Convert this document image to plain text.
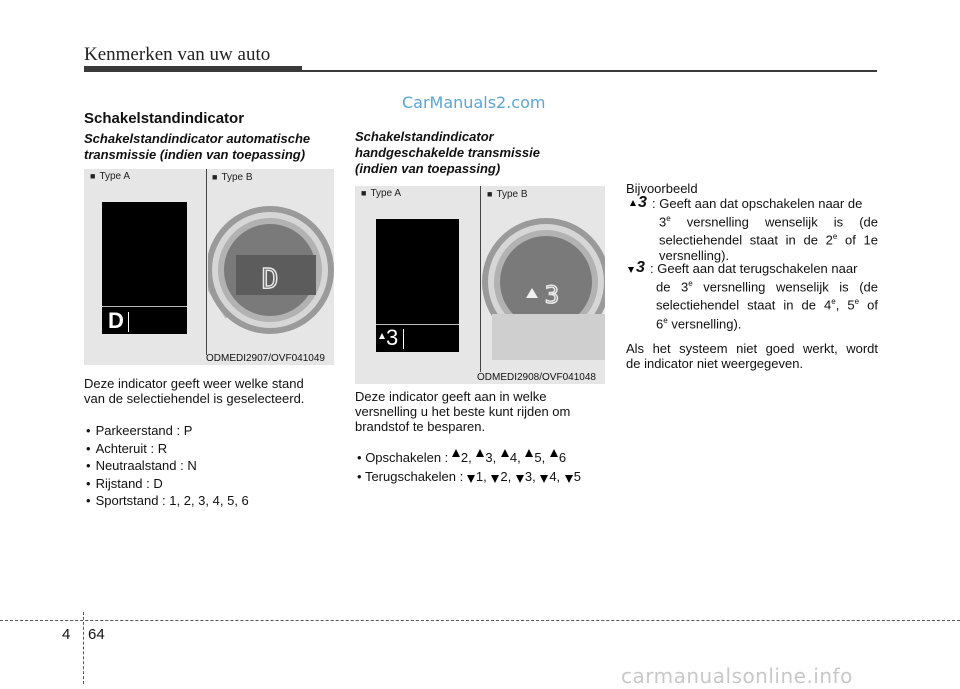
Kenmerken van uw auto
CarManuals2.com
Schakelstandindicator
Schakelstandindicator automatische
transmissie (indien van toepassing)
■ Type A	■ Type B
D
D
ODMEDI2907/OVF041049
Deze indicator geeft weer welke stand
van de selectiehendel is geselecteerd.
• Parkeerstand : P
• Achteruit : R
• Neutraalstand : N
• Rijstand : D
• Sportstand : 1, 2, 3, 4, 5, 6
Schakelstandindicator
handgeschakelde transmissie
(indien van toepassing)
■ Type A	■ Type B
3
3
ODMEDI2908/OVF041048
Deze indicator geeft aan in welke
versnelling u het beste kunt rijden om
brandstof te besparen.
• Opschakelen : 2, 3, 4, 5, 6
• Terugschakelen : 1, 2, 3, 4, 5
Bijvoorbeeld
3 : Geeft aan dat opschakelen naar de
3e versnelling wenselijk is (de
selectiehendel staat in de 2e of 1e
versnelling).
3 : Geeft aan dat terugschakelen naar
de 3e versnelling wenselijk is (de
selectiehendel staat in de 4e, 5e of
6e versnelling).
Als het systeem niet goed werkt, wordt
de indicator niet weergegeven.
4 64
carmanualsonline.info
